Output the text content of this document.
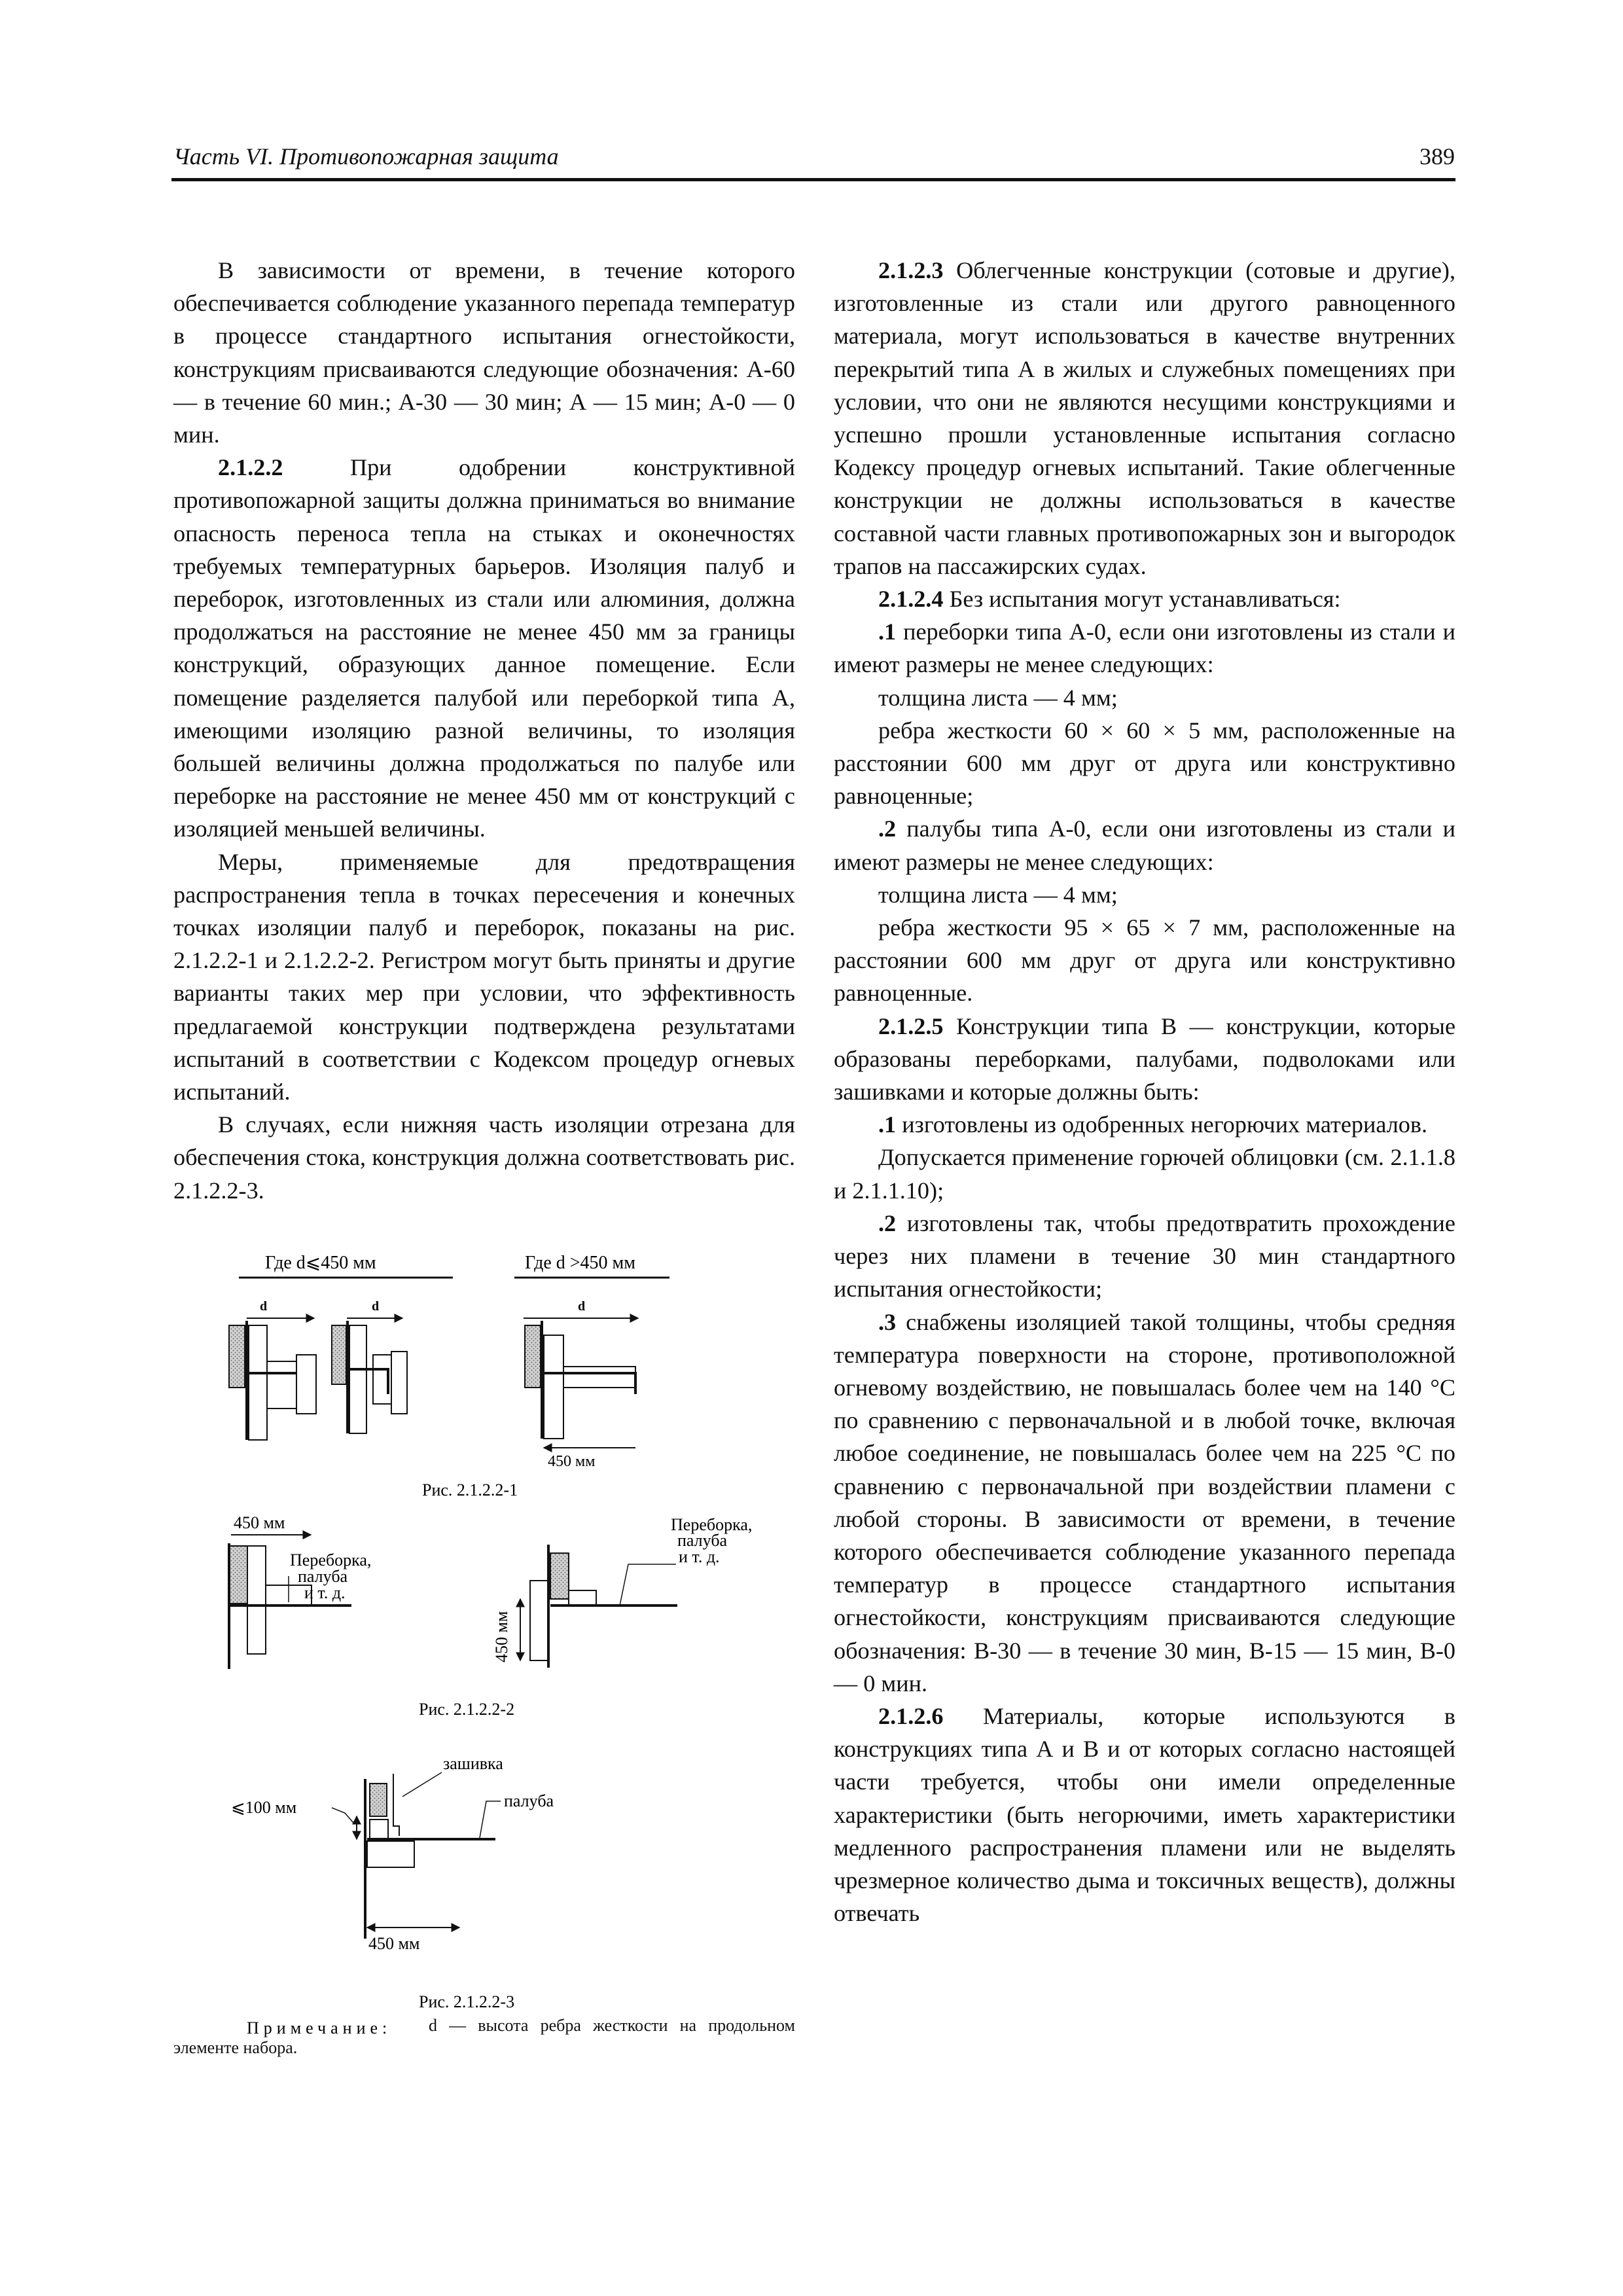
Часть VI. Противопожарная защита	389

В зависимости от времени, в течение которого обеспечивается соблюдение указанного перепада температур в процессе стандартного испытания огнестойкости, конструкциям присваиваются следующие обозначения: А-60 — в течение 60 мин.; А-30 — 30 мин; А — 15 мин; А-0 — 0 мин.

2.1.2.2	При одобрении конструктивной противопожарной защиты должна приниматься во внимание опасность переноса тепла на стыках и оконечностях требуемых температурных барьеров. Изоляция палуб и переборок, изготовленных из стали или алюминия, должна продолжаться на расстояние не менее 450 мм за границы конструкций, образующих данное помещение. Если помещение разделяется палубой или переборкой типа А, имеющими изоляцию разной величины, то изоляция большей величины должна продолжаться по палубе или переборке на расстояние не менее 450 мм от конструкций с изоляцией меньшей величины.

Меры, применяемые для предотвращения распространения тепла в точках пересечения и конечных точках изоляции палуб и переборок, показаны на рис. 2.1.2.2-1 и 2.1.2.2-2. Регистром могут быть приняты и другие варианты таких мер при условии, что эффективность предлагаемой конструкции подтверждена результатами испытаний в соответствии с Кодексом процедур огневых испытаний.

В случаях, если нижняя часть изоляции отрезана для обеспечения стока, конструкция должна соответствовать рис. 2.1.2.2-3.

Где d⩽450 мм	Где d >450 мм
d	d	d
450 мм
Рис. 2.1.2.2-1
450 мм
Переборка,
палуба
и т. д.
450 мм
Переборка,
палуба
и т. д.
Рис. 2.1.2.2-2
зашивка
⩽100 мм	палуба
450 мм
Рис. 2.1.2.2-3
Примечание:	d — высота ребра жесткости на продольном элементе набора.

2.1.2.3 Облегченные конструкции (сотовые и другие), изготовленные из стали или другого равноценного материала, могут использоваться в качестве внутренних перекрытий типа А в жилых и служебных помещениях при условии, что они не являются несущими конструкциями и успешно прошли установленные испытания согласно Кодексу процедур огневых испытаний. Такие облегченные конструкции не должны использоваться в качестве составной части главных противопожарных зон и выгородок трапов на пассажирских судах.

2.1.2.4 Без испытания могут устанавливаться:

.1 переборки типа А-0, если они изготовлены из стали и имеют размеры не менее следующих:

толщина листа — 4 мм;

ребра жесткости 60 × 60 × 5 мм, расположенные на расстоянии 600 мм друг от друга или конструктивно равноценные;

.2 палубы типа А-0, если они изготовлены из стали и имеют размеры не менее следующих:

толщина листа — 4 мм;

ребра жесткости 95 × 65 × 7 мм, расположенные на расстоянии 600 мм друг от друга или конструктивно равноценные.

2.1.2.5 Конструкции типа В — конструкции, которые образованы переборками, палубами, подволоками или зашивками и которые должны быть:

.1 изготовлены из одобренных негорючих материалов.

Допускается применение горючей облицовки (см. 2.1.1.8 и 2.1.1.10);

.2 изготовлены так, чтобы предотвратить прохождение через них пламени в течение 30 мин стандартного испытания огнестойкости;

.3 снабжены изоляцией такой толщины, чтобы средняя температура поверхности на стороне, противоположной огневому воздействию, не повышалась более чем на 140 °С по сравнению с первоначальной и в любой точке, включая любое соединение, не повышалась более чем на 225 °С по сравнению с первоначальной при воздействии пламени с любой стороны. В зависимости от времени, в течение которого обеспечивается соблюдение указанного перепада температур в процессе стандартного испытания огнестойкости, конструкциям присваиваются следующие обозначения: В-30 — в течение 30 мин, В-15 — 15 мин, В-0 — 0 мин.

2.1.2.6 Материалы, которые используются в конструкциях типа А и В и от которых согласно настоящей части требуется, чтобы они имели определенные характеристики (быть негорючими, иметь характеристики медленного распространения пламени или не выделять чрезмерное количество дыма и токсичных веществ), должны отвечать
